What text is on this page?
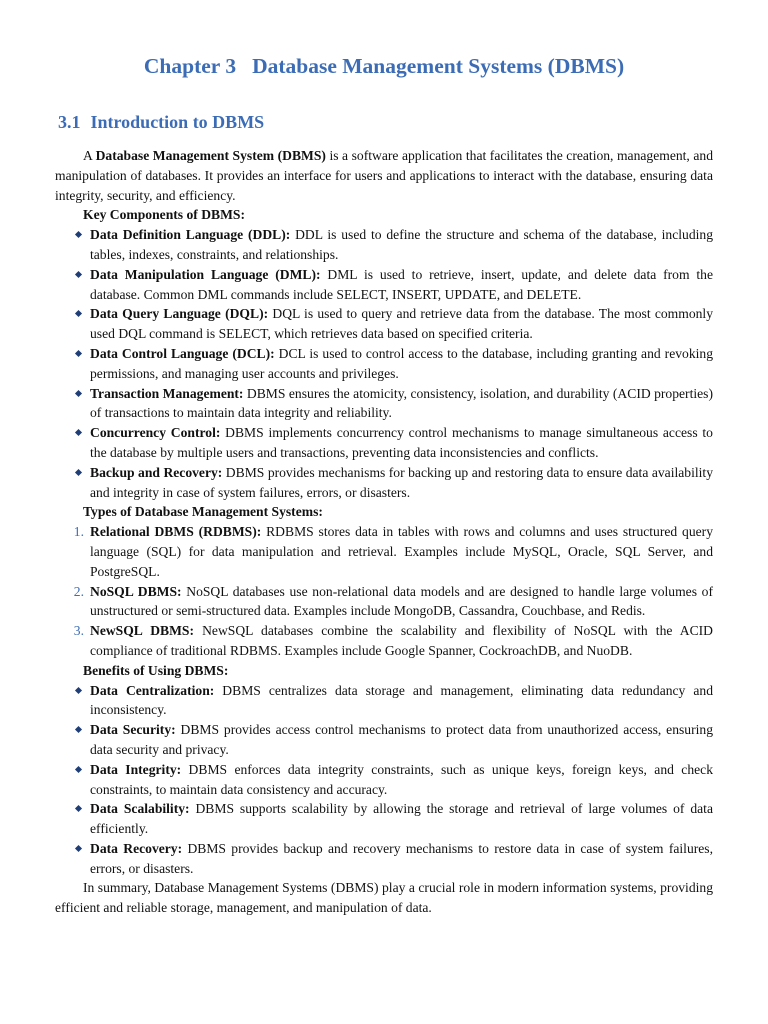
Chapter 3 Database Management Systems (DBMS)
3.1 Introduction to DBMS

A Database Management System (DBMS) is a software application that facilitates the creation, management, and manipulation of databases. It provides an interface for users and applications to interact with the database, ensuring data integrity, security, and efficiency.

Key Components of DBMS:

Data Definition Language (DDL): DDL is used to define the structure and schema of the database, including tables, indexes, constraints, and relationships.
Data Manipulation Language (DML): DML is used to retrieve, insert, update, and delete data from the database. Common DML commands include SELECT, INSERT, UPDATE, and DELETE.
Data Query Language (DQL): DQL is used to query and retrieve data from the database. The most commonly used DQL command is SELECT, which retrieves data based on specified criteria.
Data Control Language (DCL): DCL is used to control access to the database, including granting and revoking permissions, and managing user accounts and privileges.
Transaction Management: DBMS ensures the atomicity, consistency, isolation, and durability (ACID properties) of transactions to maintain data integrity and reliability.
Concurrency Control: DBMS implements concurrency control mechanisms to manage simultaneous access to the database by multiple users and transactions, preventing data inconsistencies and conflicts.
Backup and Recovery: DBMS provides mechanisms for backing up and restoring data to ensure data availability and integrity in case of system failures, errors, or disasters.

Types of Database Management Systems:

1. Relational DBMS (RDBMS): RDBMS stores data in tables with rows and columns and uses structured query language (SQL) for data manipulation and retrieval. Examples include MySQL, Oracle, SQL Server, and PostgreSQL.
2. NoSQL DBMS: NoSQL databases use non-relational data models and are designed to handle large volumes of unstructured or semi-structured data. Examples include MongoDB, Cassandra, Couchbase, and Redis.
3. NewSQL DBMS: NewSQL databases combine the scalability and flexibility of NoSQL with the ACID compliance of traditional RDBMS. Examples include Google Spanner, CockroachDB, and NuoDB.

Benefits of Using DBMS:

Data Centralization: DBMS centralizes data storage and management, eliminating data redundancy and inconsistency.
Data Security: DBMS provides access control mechanisms to protect data from unauthorized access, ensuring data security and privacy.
Data Integrity: DBMS enforces data integrity constraints, such as unique keys, foreign keys, and check constraints, to maintain data consistency and accuracy.
Data Scalability: DBMS supports scalability by allowing the storage and retrieval of large volumes of data efficiently.
Data Recovery: DBMS provides backup and recovery mechanisms to restore data in case of system failures, errors, or disasters.

In summary, Database Management Systems (DBMS) play a crucial role in modern information systems, providing efficient and reliable storage, management, and manipulation of data.
